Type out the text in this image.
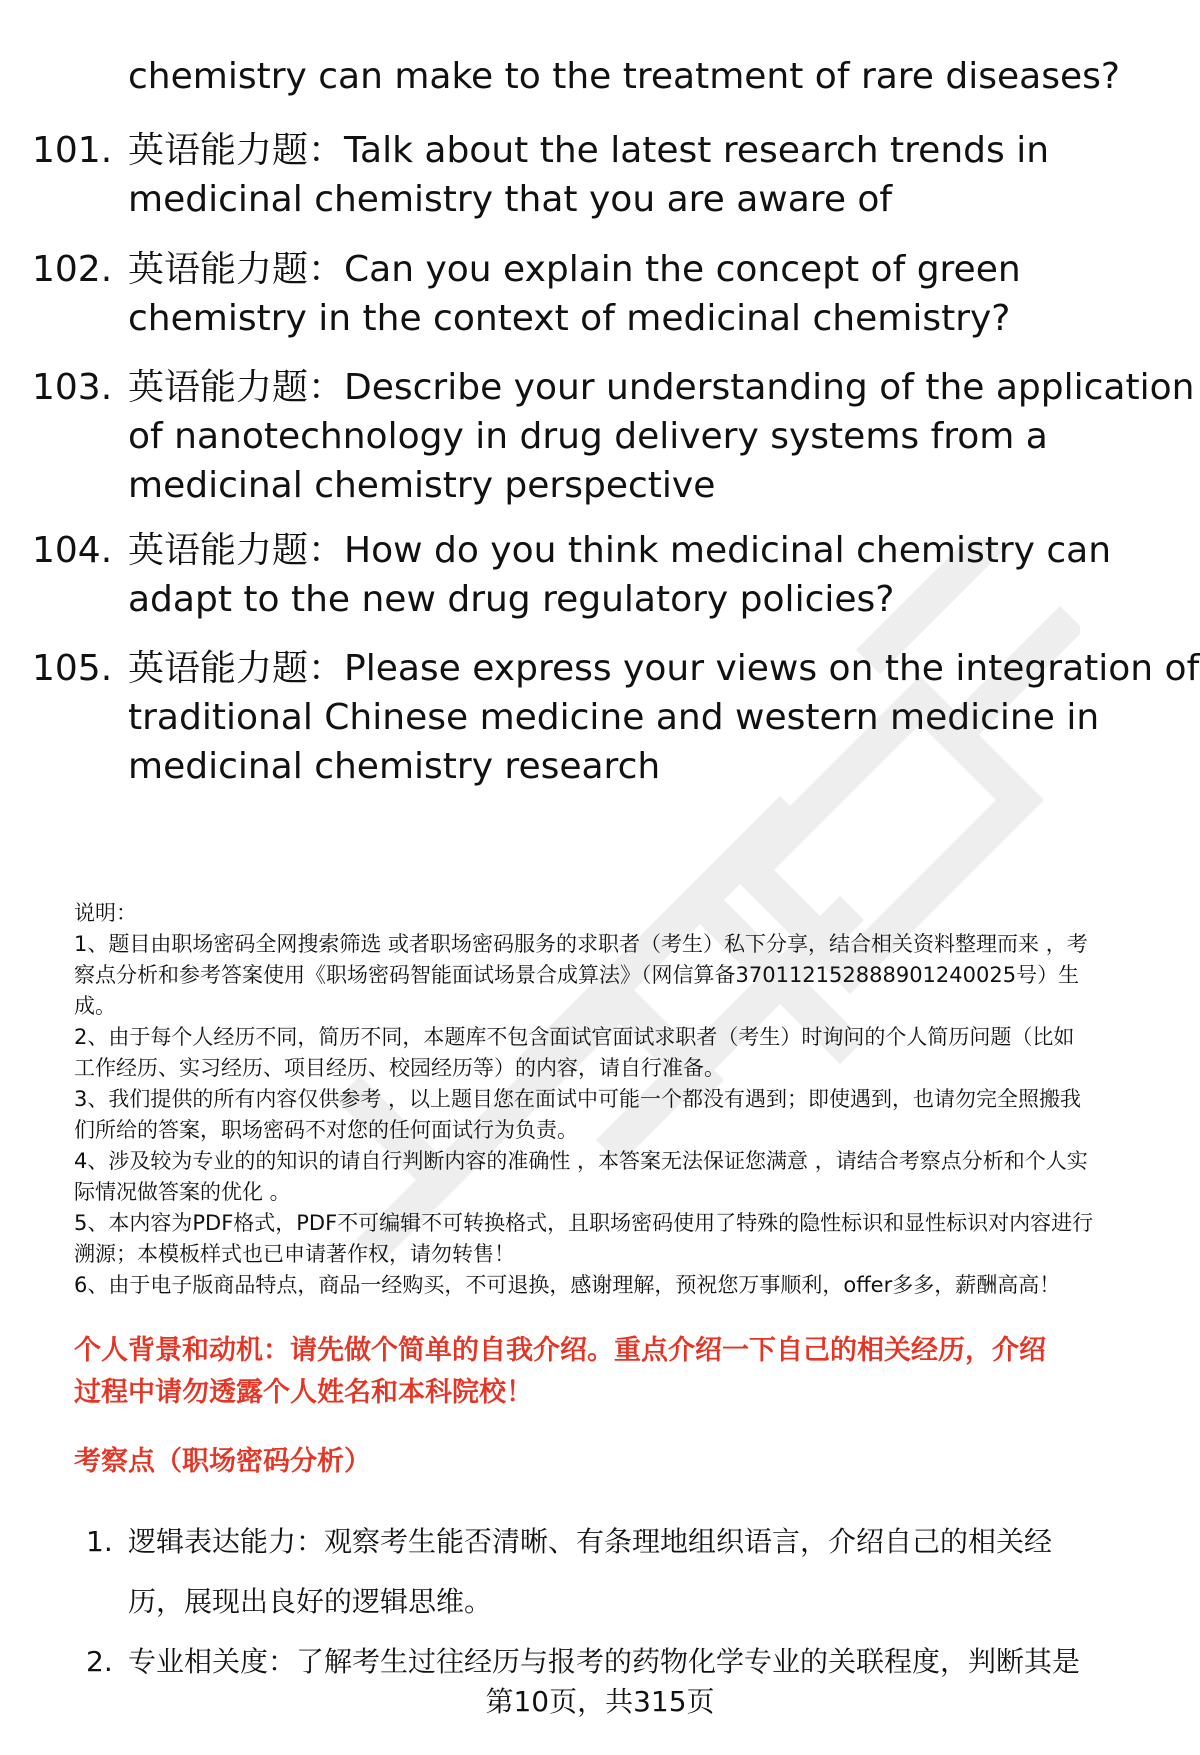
chemistry can make to the treatment of rare diseases?
101. 英语能力题：Talk about the latest research trends in
medicinal chemistry that you are aware of
102. 英语能力题：Can you explain the concept of green
chemistry in the context of medicinal chemistry?
103. 英语能力题：Describe your understanding of the application
of nanotechnology in drug delivery systems from a
medicinal chemistry perspective
104. 英语能力题：How do you think medicinal chemistry can
adapt to the new drug regulatory policies?
105. 英语能力题：Please express your views on the integration of
traditional Chinese medicine and western medicine in
medicinal chemistry research
说明：
1、题目由职场密码全网搜索筛选 或者职场密码服务的求职者（考生）私下分享，结合相关资料整理而来 ，考
察点分析和参考答案使用《职场密码智能面试场景合成算法》（网信算备370112152888901240025号）生
成。
2、由于每个人经历不同，简历不同，本题库不包含面试官面试求职者（考生）时询问的个人简历问题（比如
工作经历、实习经历、项目经历、校园经历等）的内容，请自行准备。
3、我们提供的所有内容仅供参考 ，以上题目您在面试中可能一个都没有遇到；即使遇到，也请勿完全照搬我
们所给的答案，职场密码不对您的任何面试行为负责。
4、涉及较为专业的的知识的请自行判断内容的准确性 ，本答案无法保证您满意 ，请结合考察点分析和个人实
际情况做答案的优化 。
5、本内容为PDF格式，PDF不可编辑不可转换格式，且职场密码使用了特殊的隐性标识和显性标识对内容进行
溯源；本模板样式也已申请著作权，请勿转售！
6、由于电子版商品特点，商品一经购买，不可退换，感谢理解，预祝您万事顺利，offer多多，薪酬高高！
个人背景和动机：请先做个简单的自我介绍。重点介绍一下自己的相关经历，介绍
过程中请勿透露个人姓名和本科院校！
考察点（职场密码分析）
1. 逻辑表达能力：观察考生能否清晰、有条理地组织语言，介绍自己的相关经
历，展现出良好的逻辑思维。
2. 专业相关度：了解考生过往经历与报考的药物化学专业的关联程度，判断其是
第10页，共315页
